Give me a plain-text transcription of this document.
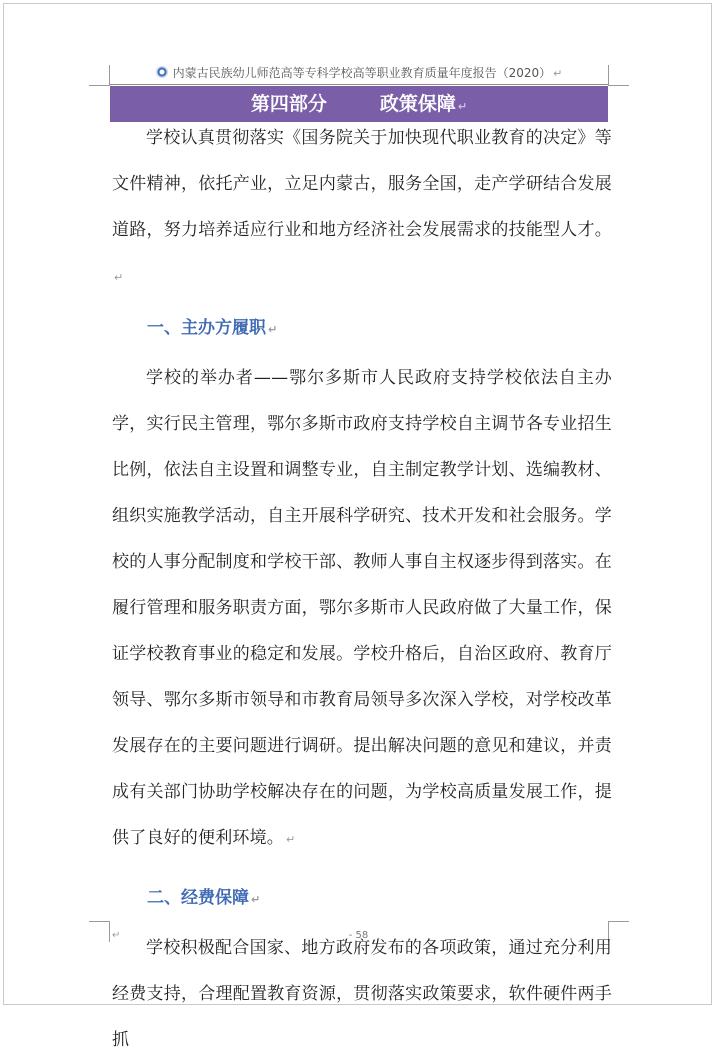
内蒙古民族幼儿师范高等专科学校高等职业教育质量年度报告（2020） ↵
第四部分        政策保障 ↵

学校认真贯彻落实《国务院关于加快现代职业教育的决定》等文件精神，依托产业，立足内蒙古，服务全国，走产学研结合发展道路，努力培养适应行业和地方经济社会发展需求的技能型人才。↵

一、主办方履职 ↵

学校的举办者——鄂尔多斯市人民政府支持学校依法自主办学，实行民主管理，鄂尔多斯市政府支持学校自主调节各专业招生比例，依法自主设置和调整专业，自主制定教学计划、选编教材、组织实施教学活动，自主开展科学研究、技术开发和社会服务。学校的人事分配制度和学校干部、教师人事自主权逐步得到落实。在履行管理和服务职责方面，鄂尔多斯市人民政府做了大量工作，保证学校教育事业的稳定和发展。学校升格后，自治区政府、教育厅领导、鄂尔多斯市领导和市教育局领导多次深入学校，对学校改革发展存在的主要问题进行调研。提出解决问题的意见和建议，并责成有关部门协助学校解决存在的问题，为学校高质量发展工作，提供了良好的便利环境。 ↵

二、经费保障 ↵

学校积极配合国家、地方政府发布的各项政策，通过充分利用经费支持，合理配置教育资源，贯彻落实政策要求，软件硬件两手抓

↵	- 58
